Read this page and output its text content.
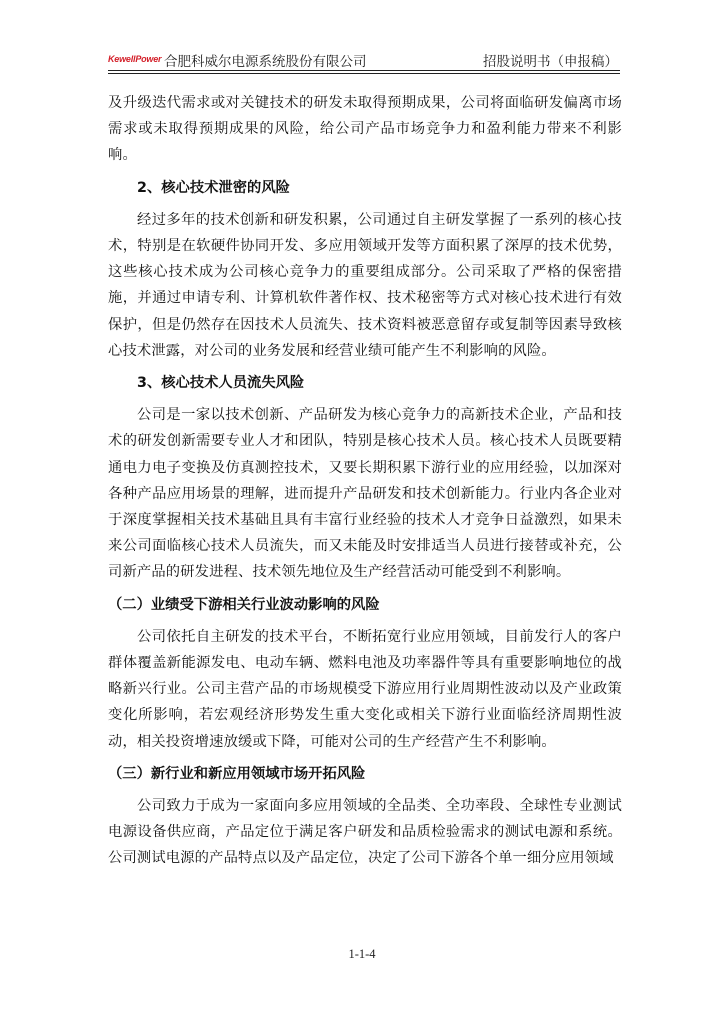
KewellPower 合肥科威尔电源系统股份有限公司	招股说明书（申报稿）

及升级迭代需求或对关键技术的研发未取得预期成果，公司将面临研发偏离市场需求或未取得预期成果的风险，给公司产品市场竞争力和盈利能力带来不利影响。

2、核心技术泄密的风险

经过多年的技术创新和研发积累，公司通过自主研发掌握了一系列的核心技术，特别是在软硬件协同开发、多应用领域开发等方面积累了深厚的技术优势，这些核心技术成为公司核心竞争力的重要组成部分。公司采取了严格的保密措施，并通过申请专利、计算机软件著作权、技术秘密等方式对核心技术进行有效保护，但是仍然存在因技术人员流失、技术资料被恶意留存或复制等因素导致核心技术泄露，对公司的业务发展和经营业绩可能产生不利影响的风险。

3、核心技术人员流失风险

公司是一家以技术创新、产品研发为核心竞争力的高新技术企业，产品和技术的研发创新需要专业人才和团队，特别是核心技术人员。核心技术人员既要精通电力电子变换及仿真测控技术，又要长期积累下游行业的应用经验，以加深对各种产品应用场景的理解，进而提升产品研发和技术创新能力。行业内各企业对于深度掌握相关技术基础且具有丰富行业经验的技术人才竞争日益激烈，如果未来公司面临核心技术人员流失，而又未能及时安排适当人员进行接替或补充，公司新产品的研发进程、技术领先地位及生产经营活动可能受到不利影响。

（二）业绩受下游相关行业波动影响的风险

公司依托自主研发的技术平台，不断拓宽行业应用领域，目前发行人的客户群体覆盖新能源发电、电动车辆、燃料电池及功率器件等具有重要影响地位的战略新兴行业。公司主营产品的市场规模受下游应用行业周期性波动以及产业政策变化所影响，若宏观经济形势发生重大变化或相关下游行业面临经济周期性波动，相关投资增速放缓或下降，可能对公司的生产经营产生不利影响。

（三）新行业和新应用领域市场开拓风险

公司致力于成为一家面向多应用领域的全品类、全功率段、全球性专业测试电源设备供应商，产品定位于满足客户研发和品质检验需求的测试电源和系统。公司测试电源的产品特点以及产品定位，决定了公司下游各个单一细分应用领域

1-1-4
